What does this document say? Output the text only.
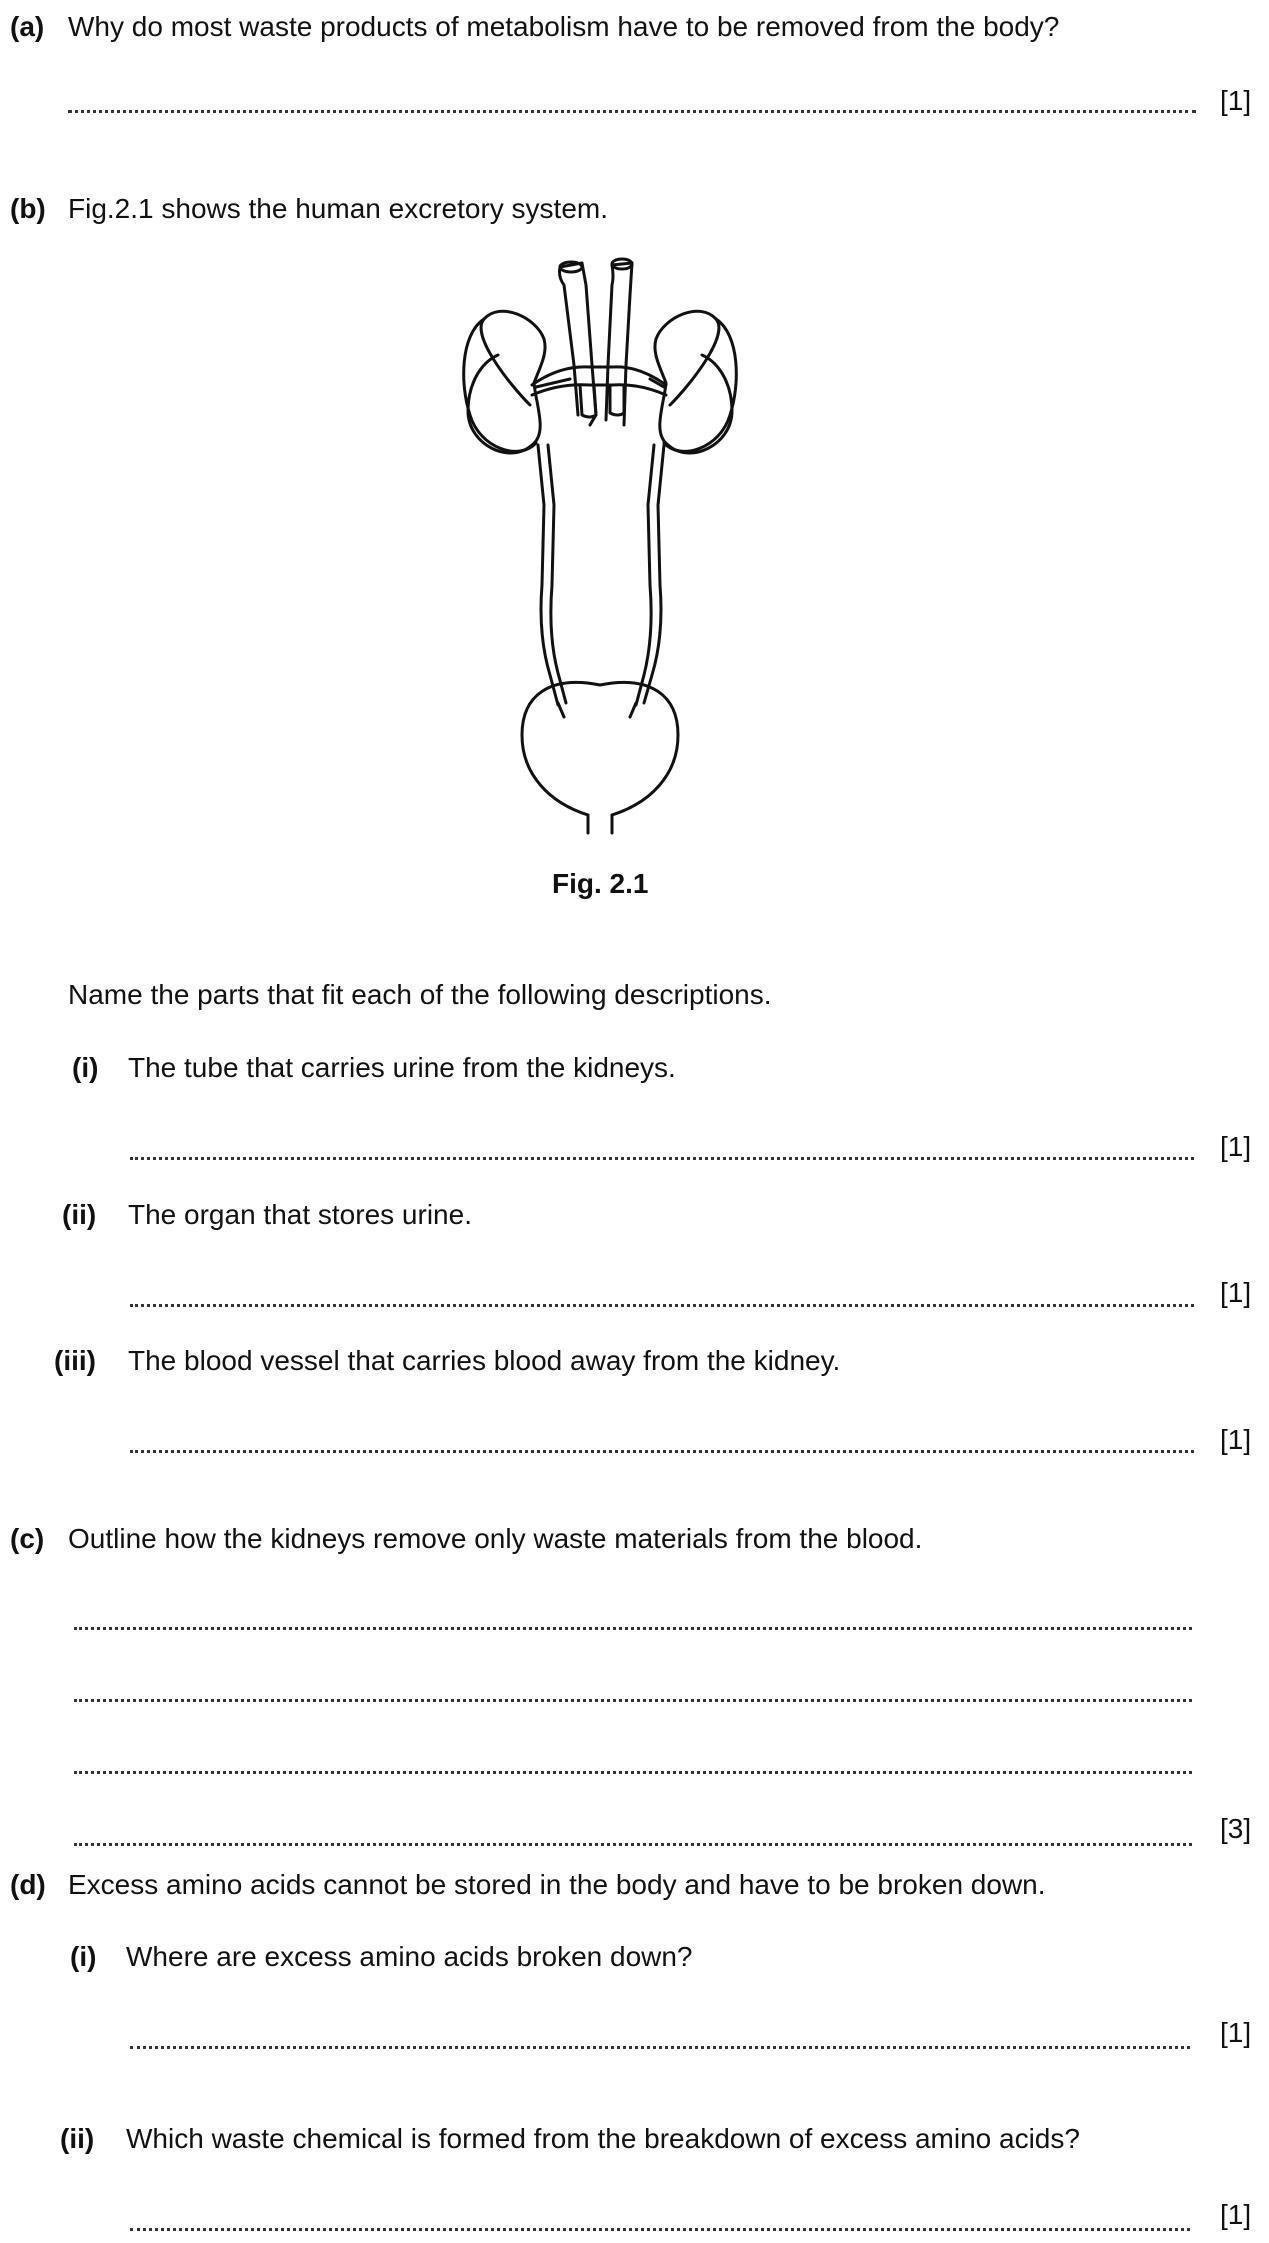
(a) Why do most waste products of metabolism have to be removed from the body?
[1]
(b) Fig.2.1 shows the human excretory system.
Fig. 2.1
Name the parts that fit each of the following descriptions.
(i) The tube that carries urine from the kidneys.
[1]
(ii) The organ that stores urine.
[1]
(iii) The blood vessel that carries blood away from the kidney.
[1]
(c) Outline how the kidneys remove only waste materials from the blood.
[3]
(d) Excess amino acids cannot be stored in the body and have to be broken down.
(i) Where are excess amino acids broken down?
[1]
(ii) Which waste chemical is formed from the breakdown of excess amino acids?
[1]
